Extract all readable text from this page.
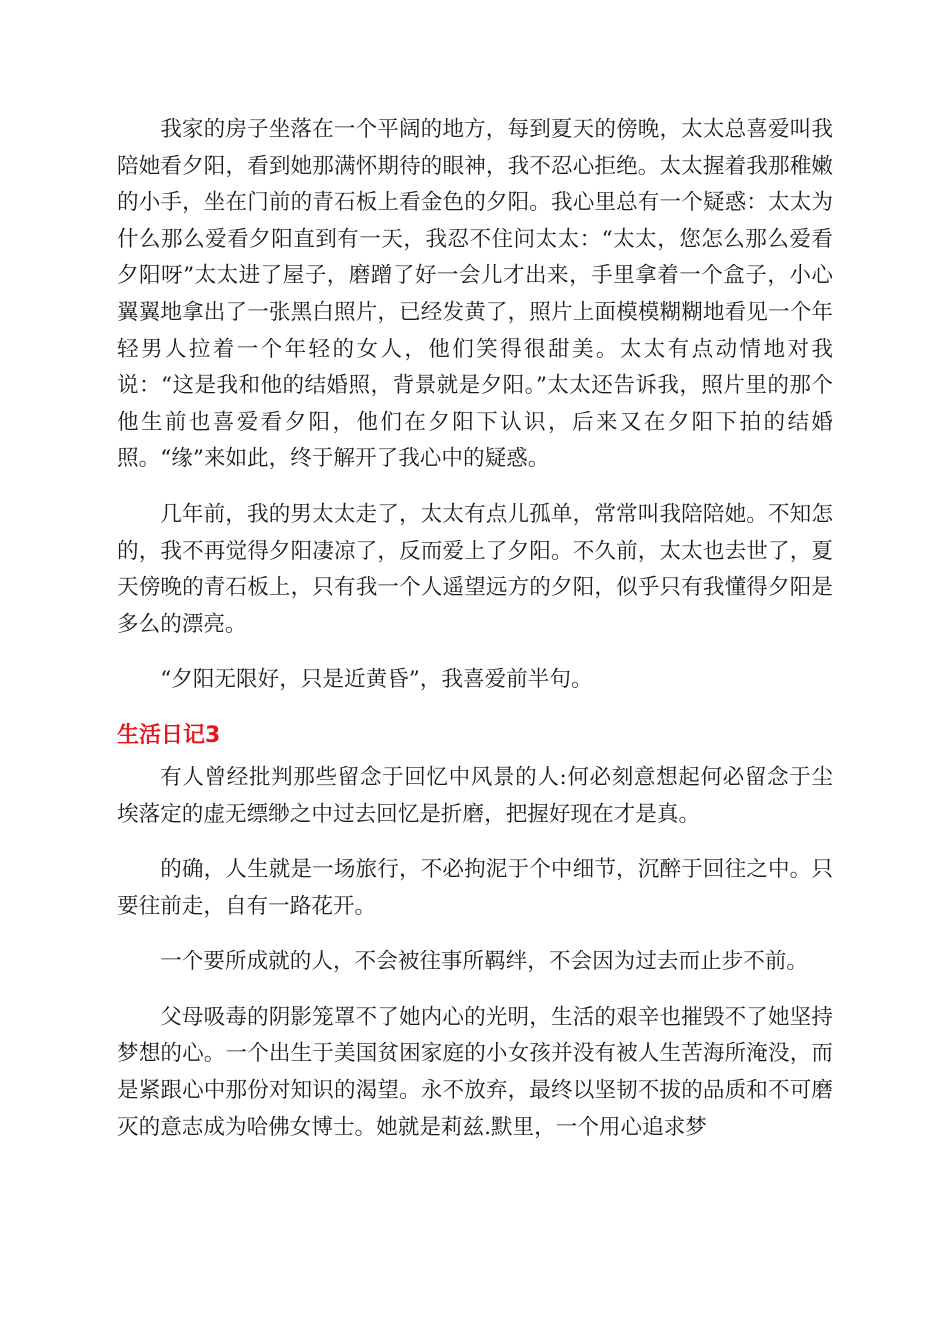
我家的房子坐落在一个平阔的地方，每到夏天的傍晚，太太总喜爱叫我陪她看夕阳，看到她那满怀期待的眼神，我不忍心拒绝。太太握着我那稚嫩的小手，坐在门前的青石板上看金色的夕阳。我心里总有一个疑惑：太太为什么那么爱看夕阳直到有一天，我忍不住问太太：“太太，您怎么那么爱看夕阳呀”太太进了屋子，磨蹭了好一会儿才出来，手里拿着一个盒子，小心翼翼地拿出了一张黑白照片，已经发黄了，照片上面模模糊糊地看见一个年轻男人拉着一个年轻的女人，他们笑得很甜美。太太有点动情地对我说：“这是我和他的结婚照，背景就是夕阳。”太太还告诉我，照片里的那个他生前也喜爱看夕阳，他们在夕阳下认识，后来又在夕阳下拍的结婚照。“缘”来如此，终于解开了我心中的疑惑。

几年前，我的男太太走了，太太有点儿孤单，常常叫我陪陪她。不知怎的，我不再觉得夕阳凄凉了，反而爱上了夕阳。不久前，太太也去世了，夏天傍晚的青石板上，只有我一个人遥望远方的夕阳，似乎只有我懂得夕阳是多么的漂亮。

“夕阳无限好，只是近黄昏”，我喜爱前半句。

生活日记3

有人曾经批判那些留念于回忆中风景的人:何必刻意想起何必留念于尘埃落定的虚无缥缈之中过去回忆是折磨，把握好现在才是真。

的确，人生就是一场旅行，不必拘泥于个中细节，沉醉于回往之中。只要往前走，自有一路花开。

一个要所成就的人，不会被往事所羁绊，不会因为过去而止步不前。

父母吸毒的阴影笼罩不了她内心的光明，生活的艰辛也摧毁不了她坚持梦想的心。一个出生于美国贫困家庭的小女孩并没有被人生苦海所淹没，而是紧跟心中那份对知识的渴望。永不放弃，最终以坚韧不拔的品质和不可磨灭的意志成为哈佛女博士。她就是莉兹.默里，一个用心追求梦
